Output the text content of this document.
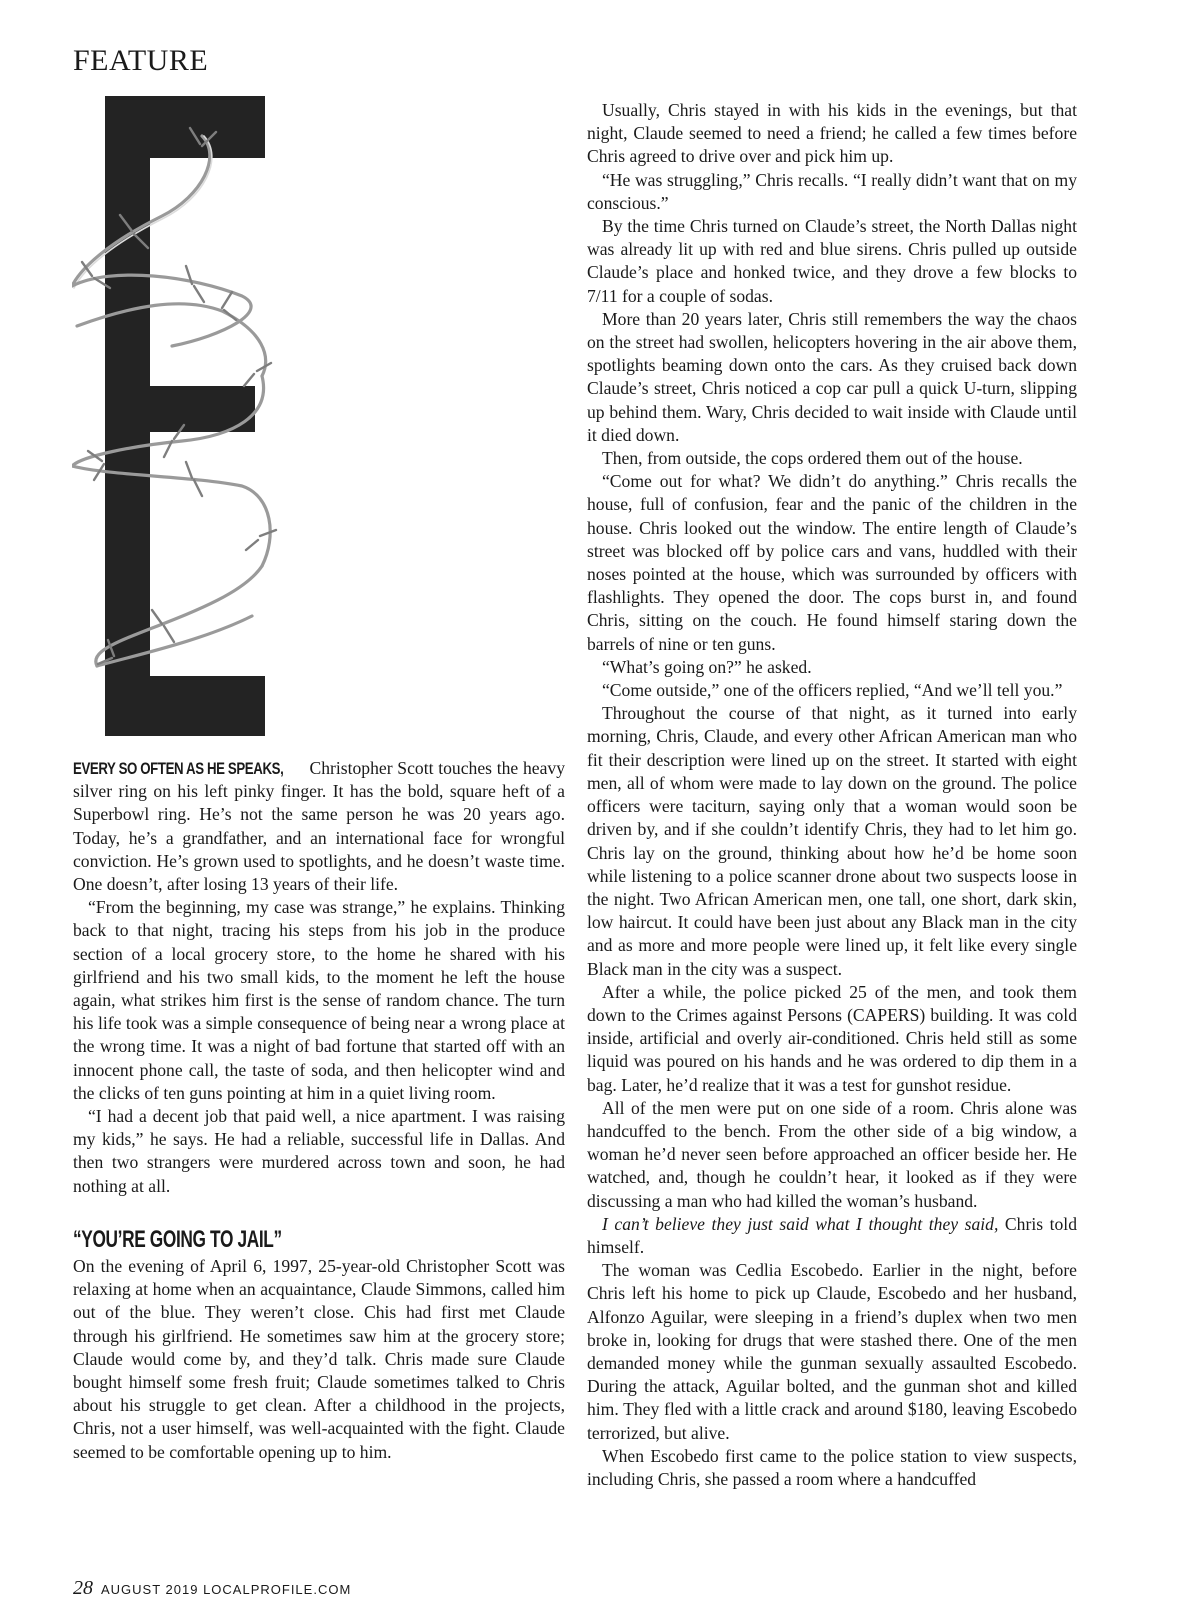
FEATURE

EVERY SO OFTEN AS HE SPEAKS, Christopher Scott touches the heavy silver ring on his left pinky finger. It has the bold, square heft of a Superbowl ring. He’s not the same person he was 20 years ago. Today, he’s a grandfather, and an international face for wrongful conviction. He’s grown used to spotlights, and he doesn’t waste time. One doesn’t, after losing 13 years of their life.

“From the beginning, my case was strange,” he explains. Thinking back to that night, tracing his steps from his job in the produce section of a local grocery store, to the home he shared with his girlfriend and his two small kids, to the moment he left the house again, what strikes him first is the sense of random chance. The turn his life took was a simple consequence of being near a wrong place at the wrong time. It was a night of bad fortune that started off with an innocent phone call, the taste of soda, and then helicopter wind and the clicks of ten guns pointing at him in a quiet living room.

“I had a decent job that paid well, a nice apartment. I was raising my kids,” he says. He had a reliable, successful life in Dallas. And then two strangers were murdered across town and soon, he had nothing at all.

“YOU’RE GOING TO JAIL”

On the evening of April 6, 1997, 25-year-old Christopher Scott was relaxing at home when an acquaintance, Claude Simmons, called him out of the blue. They weren’t close. Chis had first met Claude through his girlfriend. He sometimes saw him at the grocery store; Claude would come by, and they’d talk. Chris made sure Claude bought himself some fresh fruit; Claude sometimes talked to Chris about his struggle to get clean. After a childhood in the projects, Chris, not a user himself, was well-acquainted with the fight. Claude seemed to be comfortable opening up to him.

Usually, Chris stayed in with his kids in the evenings, but that night, Claude seemed to need a friend; he called a few times before Chris agreed to drive over and pick him up.

“He was struggling,” Chris recalls. “I really didn’t want that on my conscious.”

By the time Chris turned on Claude’s street, the North Dallas night was already lit up with red and blue sirens. Chris pulled up outside Claude’s place and honked twice, and they drove a few blocks to 7/11 for a couple of sodas.

More than 20 years later, Chris still remembers the way the chaos on the street had swollen, helicopters hovering in the air above them, spotlights beaming down onto the cars. As they cruised back down Claude’s street, Chris noticed a cop car pull a quick U-turn, slipping up behind them. Wary, Chris decided to wait inside with Claude until it died down.

Then, from outside, the cops ordered them out of the house.

“Come out for what? We didn’t do anything.” Chris recalls the house, full of confusion, fear and the panic of the children in the house. Chris looked out the window. The entire length of Claude’s street was blocked off by police cars and vans, huddled with their noses pointed at the house, which was surrounded by officers with flashlights. They opened the door. The cops burst in, and found Chris, sitting on the couch. He found himself staring down the barrels of nine or ten guns.

“What’s going on?” he asked.

“Come outside,” one of the officers replied, “And we’ll tell you.”

Throughout the course of that night, as it turned into early morning, Chris, Claude, and every other African American man who fit their description were lined up on the street. It started with eight men, all of whom were made to lay down on the ground. The police officers were taciturn, saying only that a woman would soon be driven by, and if she couldn’t identify Chris, they had to let him go. Chris lay on the ground, thinking about how he’d be home soon while listening to a police scanner drone about two suspects loose in the night. Two African American men, one tall, one short, dark skin, low haircut. It could have been just about any Black man in the city and as more and more people were lined up, it felt like every single Black man in the city was a suspect.

After a while, the police picked 25 of the men, and took them down to the Crimes against Persons (CAPERS) building. It was cold inside, artificial and overly air-conditioned. Chris held still as some liquid was poured on his hands and he was ordered to dip them in a bag. Later, he’d realize that it was a test for gunshot residue.

All of the men were put on one side of a room. Chris alone was handcuffed to the bench. From the other side of a big window, a woman he’d never seen before approached an officer beside her. He watched, and, though he couldn’t hear, it looked as if they were discussing a man who had killed the woman’s husband.

I can’t believe they just said what I thought they said, Chris told himself.

The woman was Cedlia Escobedo. Earlier in the night, before Chris left his home to pick up Claude, Escobedo and her husband, Alfonzo Aguilar, were sleeping in a friend’s duplex when two men broke in, looking for drugs that were stashed there. One of the men demanded money while the gunman sexually assaulted Escobedo. During the attack, Aguilar bolted, and the gunman shot and killed him. They fled with a little crack and around $180, leaving Escobedo terrorized, but alive.

When Escobedo first came to the police station to view suspects, including Chris, she passed a room where a handcuffed

28 AUGUST 2019 LOCALPROFILE.COM
